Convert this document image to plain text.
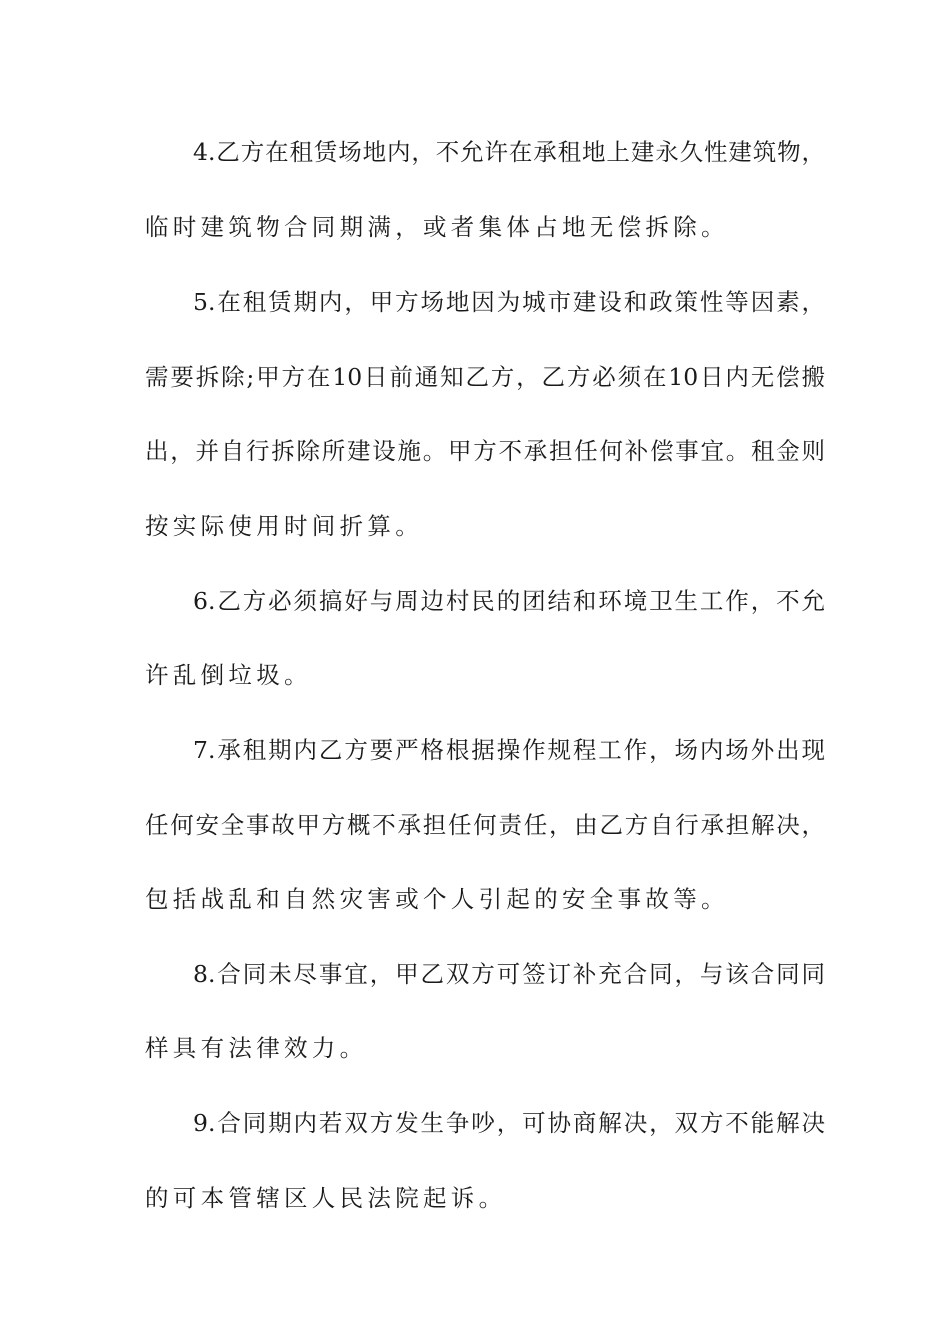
4.乙方在租赁场地内，不允许在承租地上建永久性建筑物，
临时建筑物合同期满，或者集体占地无偿拆除。
5.在租赁期内，甲方场地因为城市建设和政策性等因素，
需要拆除;甲方在10日前通知乙方，乙方必须在10日内无偿搬
出，并自行拆除所建设施。甲方不承担任何补偿事宜。租金则
按实际使用时间折算。
6.乙方必须搞好与周边村民的团结和环境卫生工作，不允
许乱倒垃圾。
7.承租期内乙方要严格根据操作规程工作，场内场外出现
任何安全事故甲方概不承担任何责任，由乙方自行承担解决，
包括战乱和自然灾害或个人引起的安全事故等。
8.合同未尽事宜，甲乙双方可签订补充合同，与该合同同
样具有法律效力。
9.合同期内若双方发生争吵，可协商解决，双方不能解决
的可本管辖区人民法院起诉。
